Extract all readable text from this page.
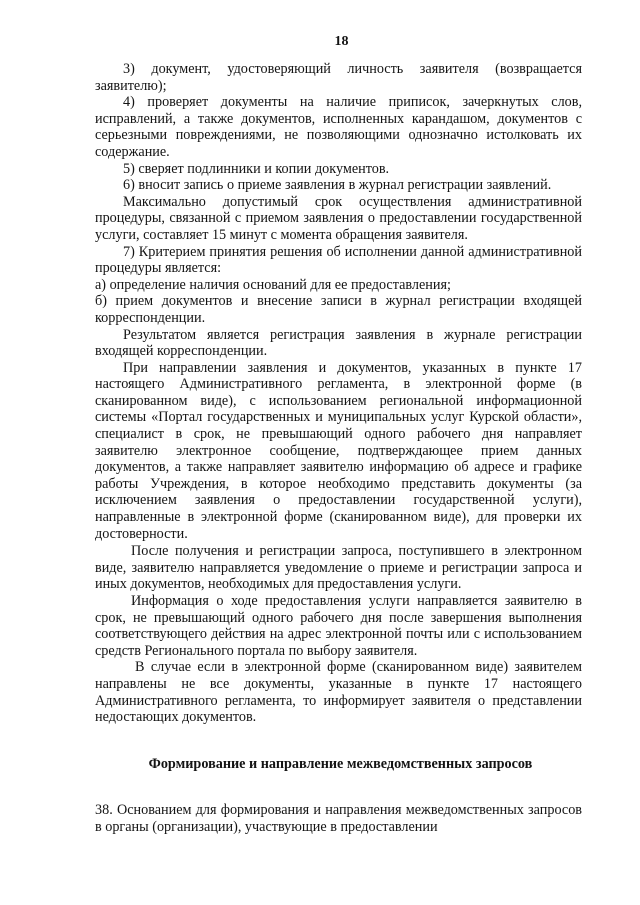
18

3) документ, удостоверяющий личность заявителя (возвращается заявителю);

4) проверяет документы на наличие приписок, зачеркнутых слов, исправлений, а также документов, исполненных карандашом, документов с серьезными повреждениями, не позволяющими однозначно истолковать их содержание.

5) сверяет подлинники и копии документов.

6) вносит запись о приеме заявления в журнал регистрации заявлений.

Максимально допустимый срок осуществления административной процедуры, связанной с приемом заявления о предоставлении государственной услуги, составляет 15 минут с момента обращения заявителя.

7) Критерием принятия решения об исполнении данной административной процедуры является:

а) определение наличия оснований для ее предоставления;

б) прием документов и внесение записи в журнал регистрации входящей корреспонденции.

Результатом является регистрация заявления в журнале регистрации входящей корреспонденции.

При направлении заявления и документов, указанных в пункте 17 настоящего Административного регламента, в электронной форме (в сканированном виде), с использованием региональной информационной системы «Портал государственных и муниципальных услуг Курской области», специалист в срок, не превышающий одного рабочего дня направляет заявителю электронное сообщение, подтверждающее прием данных документов, а также направляет заявителю информацию об адресе и графике работы Учреждения, в которое необходимо представить документы (за исключением заявления о предоставлении государственной услуги), направленные в электронной форме (сканированном виде), для проверки их достоверности.

После получения и регистрации запроса, поступившего в электронном виде, заявителю направляется уведомление о приеме и регистрации запроса и иных документов, необходимых для предоставления услуги.

Информация о ходе предоставления услуги направляется заявителю в срок, не превышающий одного рабочего дня после завершения выполнения соответствующего действия на адрес электронной почты или с использованием средств Регионального портала по выбору заявителя.

В случае если в электронной форме (сканированном виде) заявителем направлены не все документы, указанные в пункте 17 настоящего Административного регламента, то информирует заявителя о представлении недостающих документов.

Формирование и направление межведомственных запросов

38. Основанием для формирования и направления межведомственных запросов в органы (организации), участвующие в предоставлении
